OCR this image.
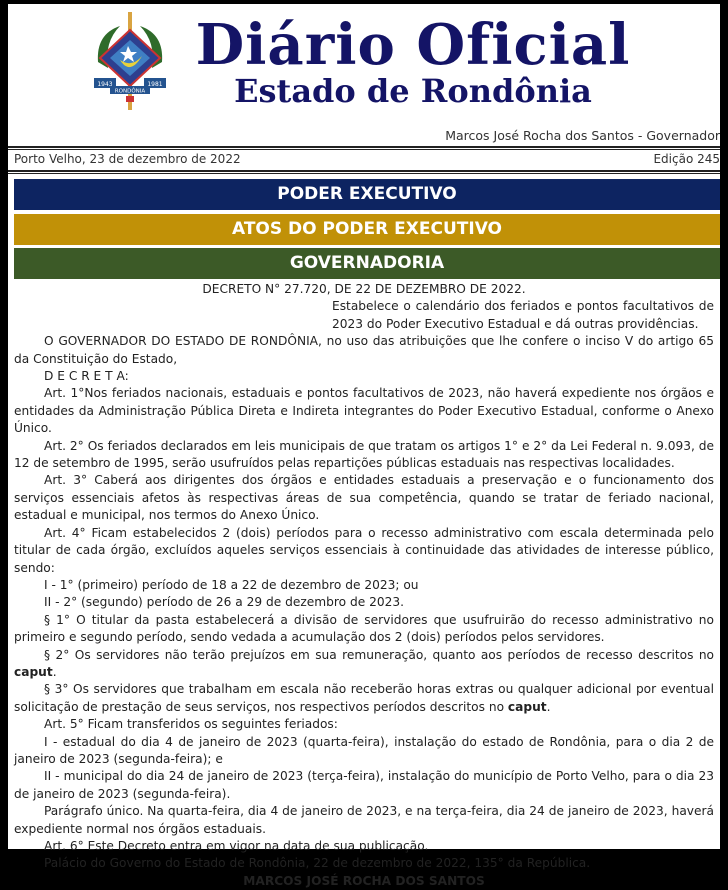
1943	1981
RONDÔNIA
Diário Oficial
Estado de Rondônia
Marcos José Rocha dos Santos - Governador
Porto Velho, 23 de dezembro de 2022	Edição 245
PODER EXECUTIVO
ATOS DO PODER EXECUTIVO
GOVERNADORIA

DECRETO N° 27.720, DE 22 DE DEZEMBRO DE 2022.

Estabelece o calendário dos feriados e pontos facultativos de 2023 do Poder Executivo Estadual e dá outras providências.

O GOVERNADOR DO ESTADO DE RONDÔNIA, no uso das atribuições que lhe confere o inciso V do artigo 65 da Constituição do Estado,

D E C R E T A:

Art. 1°Nos feriados nacionais, estaduais e pontos facultativos de 2023, não haverá expediente nos órgãos e entidades da Administração Pública Direta e Indireta integrantes do Poder Executivo Estadual, conforme o Anexo Único.

Art. 2° Os feriados declarados em leis municipais de que tratam os artigos 1° e 2° da Lei Federal n. 9.093, de 12 de setembro de 1995, serão usufruídos pelas repartições públicas estaduais nas respectivas localidades.

Art. 3° Caberá aos dirigentes dos órgãos e entidades estaduais a preservação e o funcionamento dos serviços essenciais afetos às respectivas áreas de sua competência, quando se tratar de feriado nacional, estadual e municipal, nos termos do Anexo Único.

Art. 4° Ficam estabelecidos 2 (dois) períodos para o recesso administrativo com escala determinada pelo titular de cada órgão, excluídos aqueles serviços essenciais à continuidade das atividades de interesse público, sendo:

I - 1° (primeiro) período de 18 a 22 de dezembro de 2023; ou

II - 2° (segundo) período de 26 a 29 de dezembro de 2023.

§ 1° O titular da pasta estabelecerá a divisão de servidores que usufruirão do recesso administrativo no primeiro e segundo período, sendo vedada a acumulação dos 2 (dois) períodos pelos servidores.

§ 2° Os servidores não terão prejuízos em sua remuneração, quanto aos períodos de recesso descritos no caput.

§ 3° Os servidores que trabalham em escala não receberão horas extras ou qualquer adicional por eventual solicitação de prestação de seus serviços, nos respectivos períodos descritos no caput.

Art. 5° Ficam transferidos os seguintes feriados:

I - estadual do dia 4 de janeiro de 2023 (quarta-feira), instalação do estado de Rondônia, para o dia 2 de janeiro de 2023 (segunda-feira); e

II - municipal do dia 24 de janeiro de 2023 (terça-feira), instalação do município de Porto Velho, para o dia 23 de janeiro de 2023 (segunda-feira).

Parágrafo único. Na quarta-feira, dia 4 de janeiro de 2023, e na terça-feira, dia 24 de janeiro de 2023, haverá expediente normal nos órgãos estaduais.

Art. 6° Este Decreto entra em vigor na data de sua publicação.

Palácio do Governo do Estado de Rondônia, 22 de dezembro de 2022, 135° da República.

MARCOS JOSÉ ROCHA DOS SANTOS
